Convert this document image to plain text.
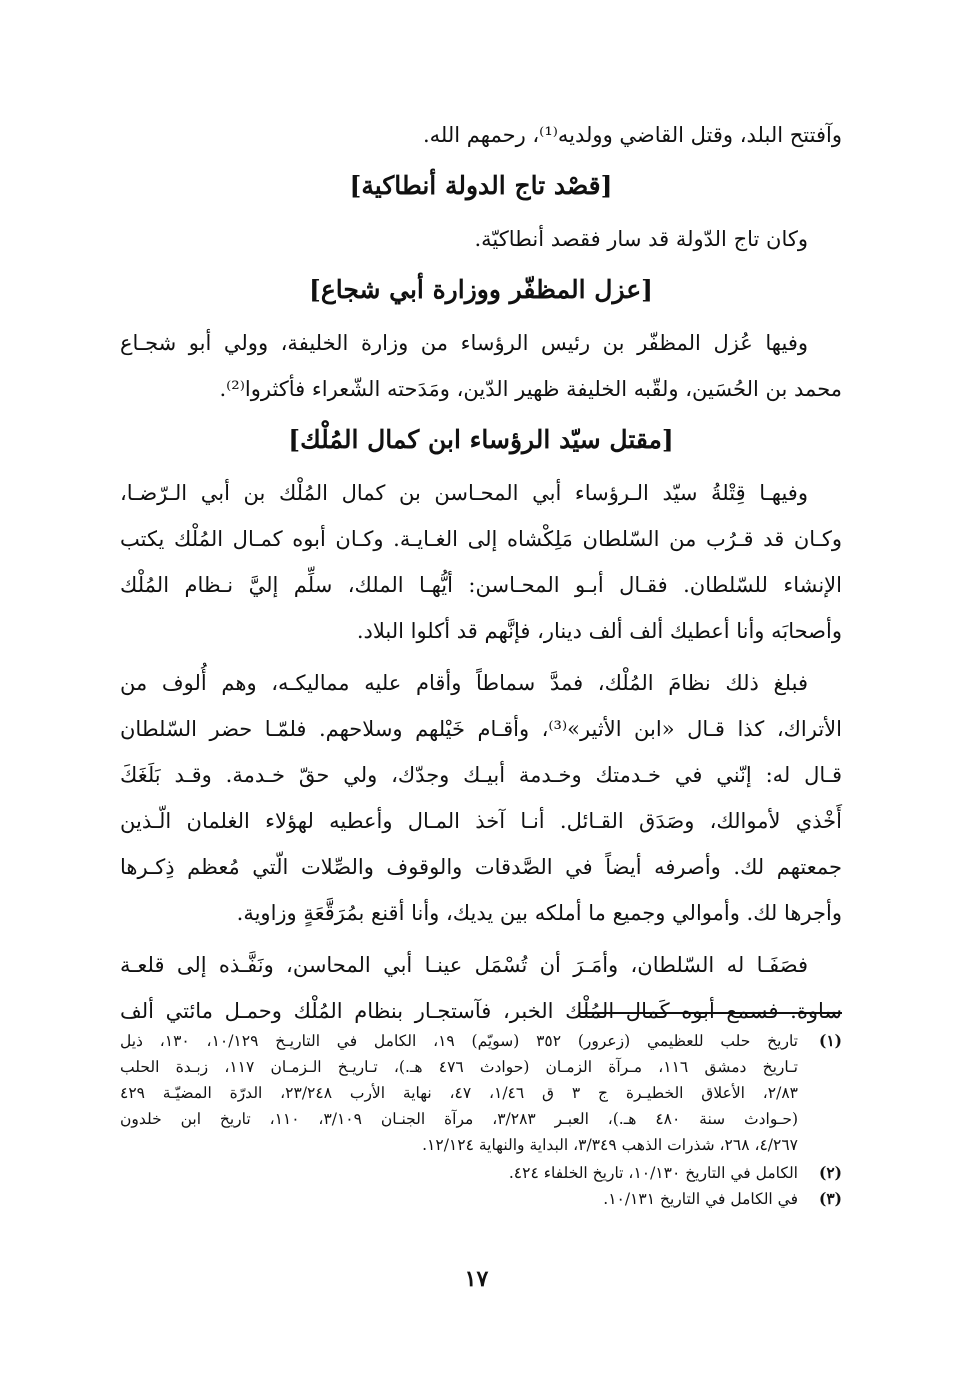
وآفتتح البلد، وقتل القاضي وولديه⁽¹⁾، رحمهم الله.
[قصْد تاج الدولة أنطاكية]
وكان تاج الدّولة قد سار فقصد أنطاكيّة.
[عزل المظفّر ووزارة أبي شجاع]
وفيها عُزل المظفّر بن رئيس الرؤساء من وزارة الخليفة، وولي أبو شجـاع
محمد بن الحُسَين، ولقّبه الخليفة ظهير الدّين، ومَدَحته الشّعراء فأكثروا⁽²⁾.
[مقتل سيّد الرؤساء ابن كمال المُلْك]
وفيهـا قِتْلةُ سيّد الـرؤساء أبي المحـاسن بن كمال المُلْك بن أبي الـرّضـا،
وكـان قد قـرُب من السّلطان مَلِكْشاه إلى الغـايـة. وكـان أبوه كمـال المُلْك يكتب
الإنشاء للسّلطان. فقـال أبـو المحـاسن: أيُّهـا الملك، سلِّم إليَّ نـظام المُلْك
وأصحابَه وأنا أعطيك ألف ألف دينار، فإنَّهم قد أكلوا البلاد.
فبلغ ذلك نظامَ المُلْك، فمدَّ سماطاً وأقام عليه مماليكـه، وهم أُلوف من
الأتراك، كذا قـال «ابن الأثير»⁽³⁾، وأقـام خَيْلهم وسلاحهم. فلمّـا حضر السّلطان
قـال له: إنّني في خـدمتك وخـدمة أبيـك وجدّك، ولي حقّ خـدمة. وقـد بَلَغَكَ
أَخْذي لأموالك، وصَدَق القـائل. أنـا آخذ المـال وأعطيه لهؤلاء الغلمان الّـذين
جمعتهم لك. وأصرفه أيضاً في الصَّدقات والوقوف والصِّلات الّتي مُعظم ذِكـرها
وأجرها لك. وأموالي وجميع ما أملكه بين يديك، وأنا أقنع بمُرَقَّعَةٍ وزاوية.
فصَفَـا له السّلطان، وأمَـرَ أن تُسْمَل عينـا أبي المحاسن، ونَفَّـذه إلى قلعـة
ساوة. فسمع أبوه كَمال المُلْك الخبر، فآستجـار بنظام المُلْك وحمـل مائتي ألف
(١)
تاريخ حلب للعظيمي (زعرور) ٣٥٢ (سويّم) ١٩، الكامل في التاريـخ ١٠/١٢٩، ١٣٠، ذيل
تـاريخ دمشق ١١٦، مـرآة الزمـان (حوادث ٤٧٦ هـ.)، تـاريـخ الـزمـان ١١٧، زبـدة الحلب
٢/٨٣، الأعلاق الخطيـرة ج ٣ ق ١/٤٦، ٤٧، نهاية الأرب ٢٣/٢٤٨، الدرّة المضيّـة ٤٢٩
(حـوادث سنة ٤٨٠ هـ.)، العبـر ٣/٢٨٣، مرآة الجنـان ٣/١٠٩، ١١٠، تاريخ ابن خلدون
٤/٢٦٧، ٢٦٨، شذرات الذهب ٣/٣٤٩، البداية والنهاية ١٢/١٢٤.
(٢)
الكامل في التاريخ ١٠/١٣٠، تاريخ الخلفاء ٤٢٤.
(٣)
في الكامل في التاريخ ١٠/١٣١.
١٧
